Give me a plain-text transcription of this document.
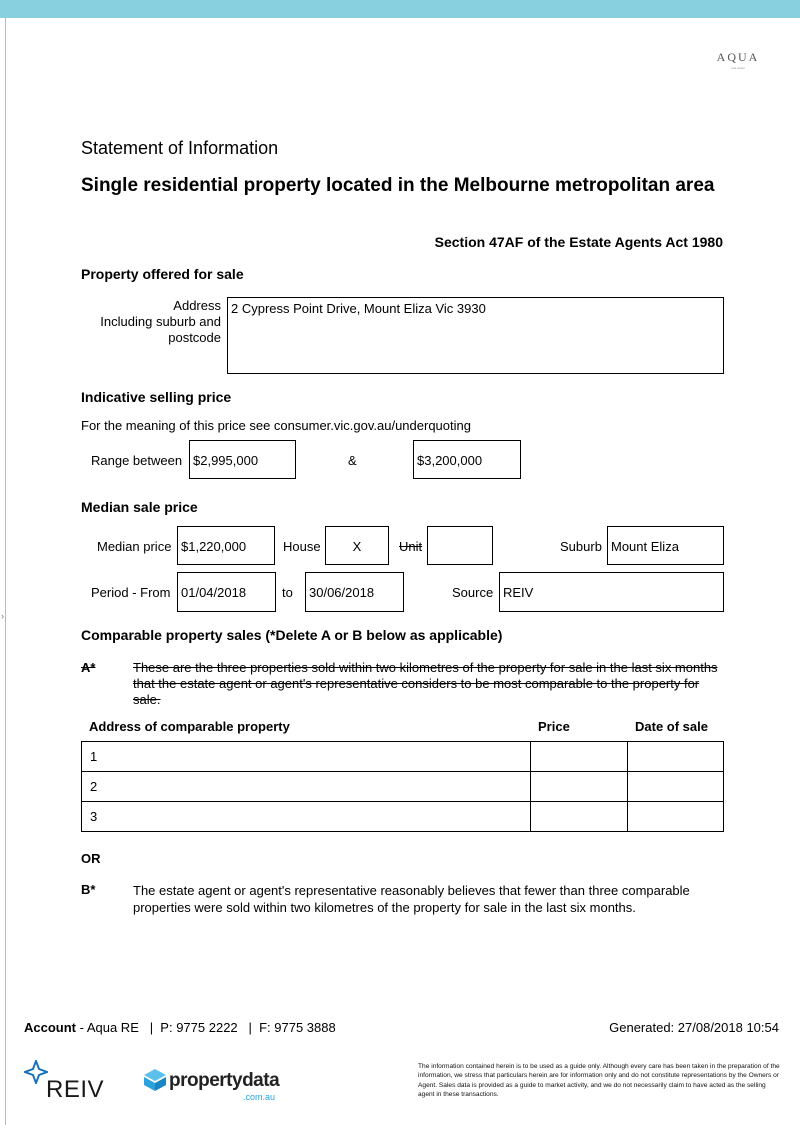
›
AQUA
real estate
Statement of Information
Single residential property located in the Melbourne metropolitan area
Section 47AF of the Estate Agents Act 1980
Property offered for sale
Address
Including suburb and
postcode
2 Cypress Point Drive, Mount Eliza Vic 3930
Indicative selling price
For the meaning of this price see consumer.vic.gov.au/underquoting
Range between $2,995,000	&	$3,200,000
Median sale price
Median price $1,220,000	House	X	Unit	Suburb Mount Eliza
Period - From 01/04/2018	to	30/06/2018	Source REIV
Comparable property sales (*Delete A or B below as applicable)
A*	These are the three properties sold within two kilometres of the property for sale in the last six months that the estate agent or agent's representative considers to be most comparable to the property for sale.
Address of comparable property	Price	Date of sale
1		
2		
3		
OR
B*	The estate agent or agent's representative reasonably believes that fewer than three comparable properties were sold within two kilometres of the property for sale in the last six months.
Account - Aqua RE   |  P: 9775 2222   |  F: 9775 3888	Generated: 27/08/2018 10:54
REIV	propertydata
.com.au
The information contained herein is to be used as a guide only. Although every care has been taken in the preparation of the information, we stress that particulars herein are for information only and do not constitute representations by the Owners or Agent. Sales data is provided as a guide to market activity, and we do not necessarily claim to have acted as the selling agent in these transactions.
